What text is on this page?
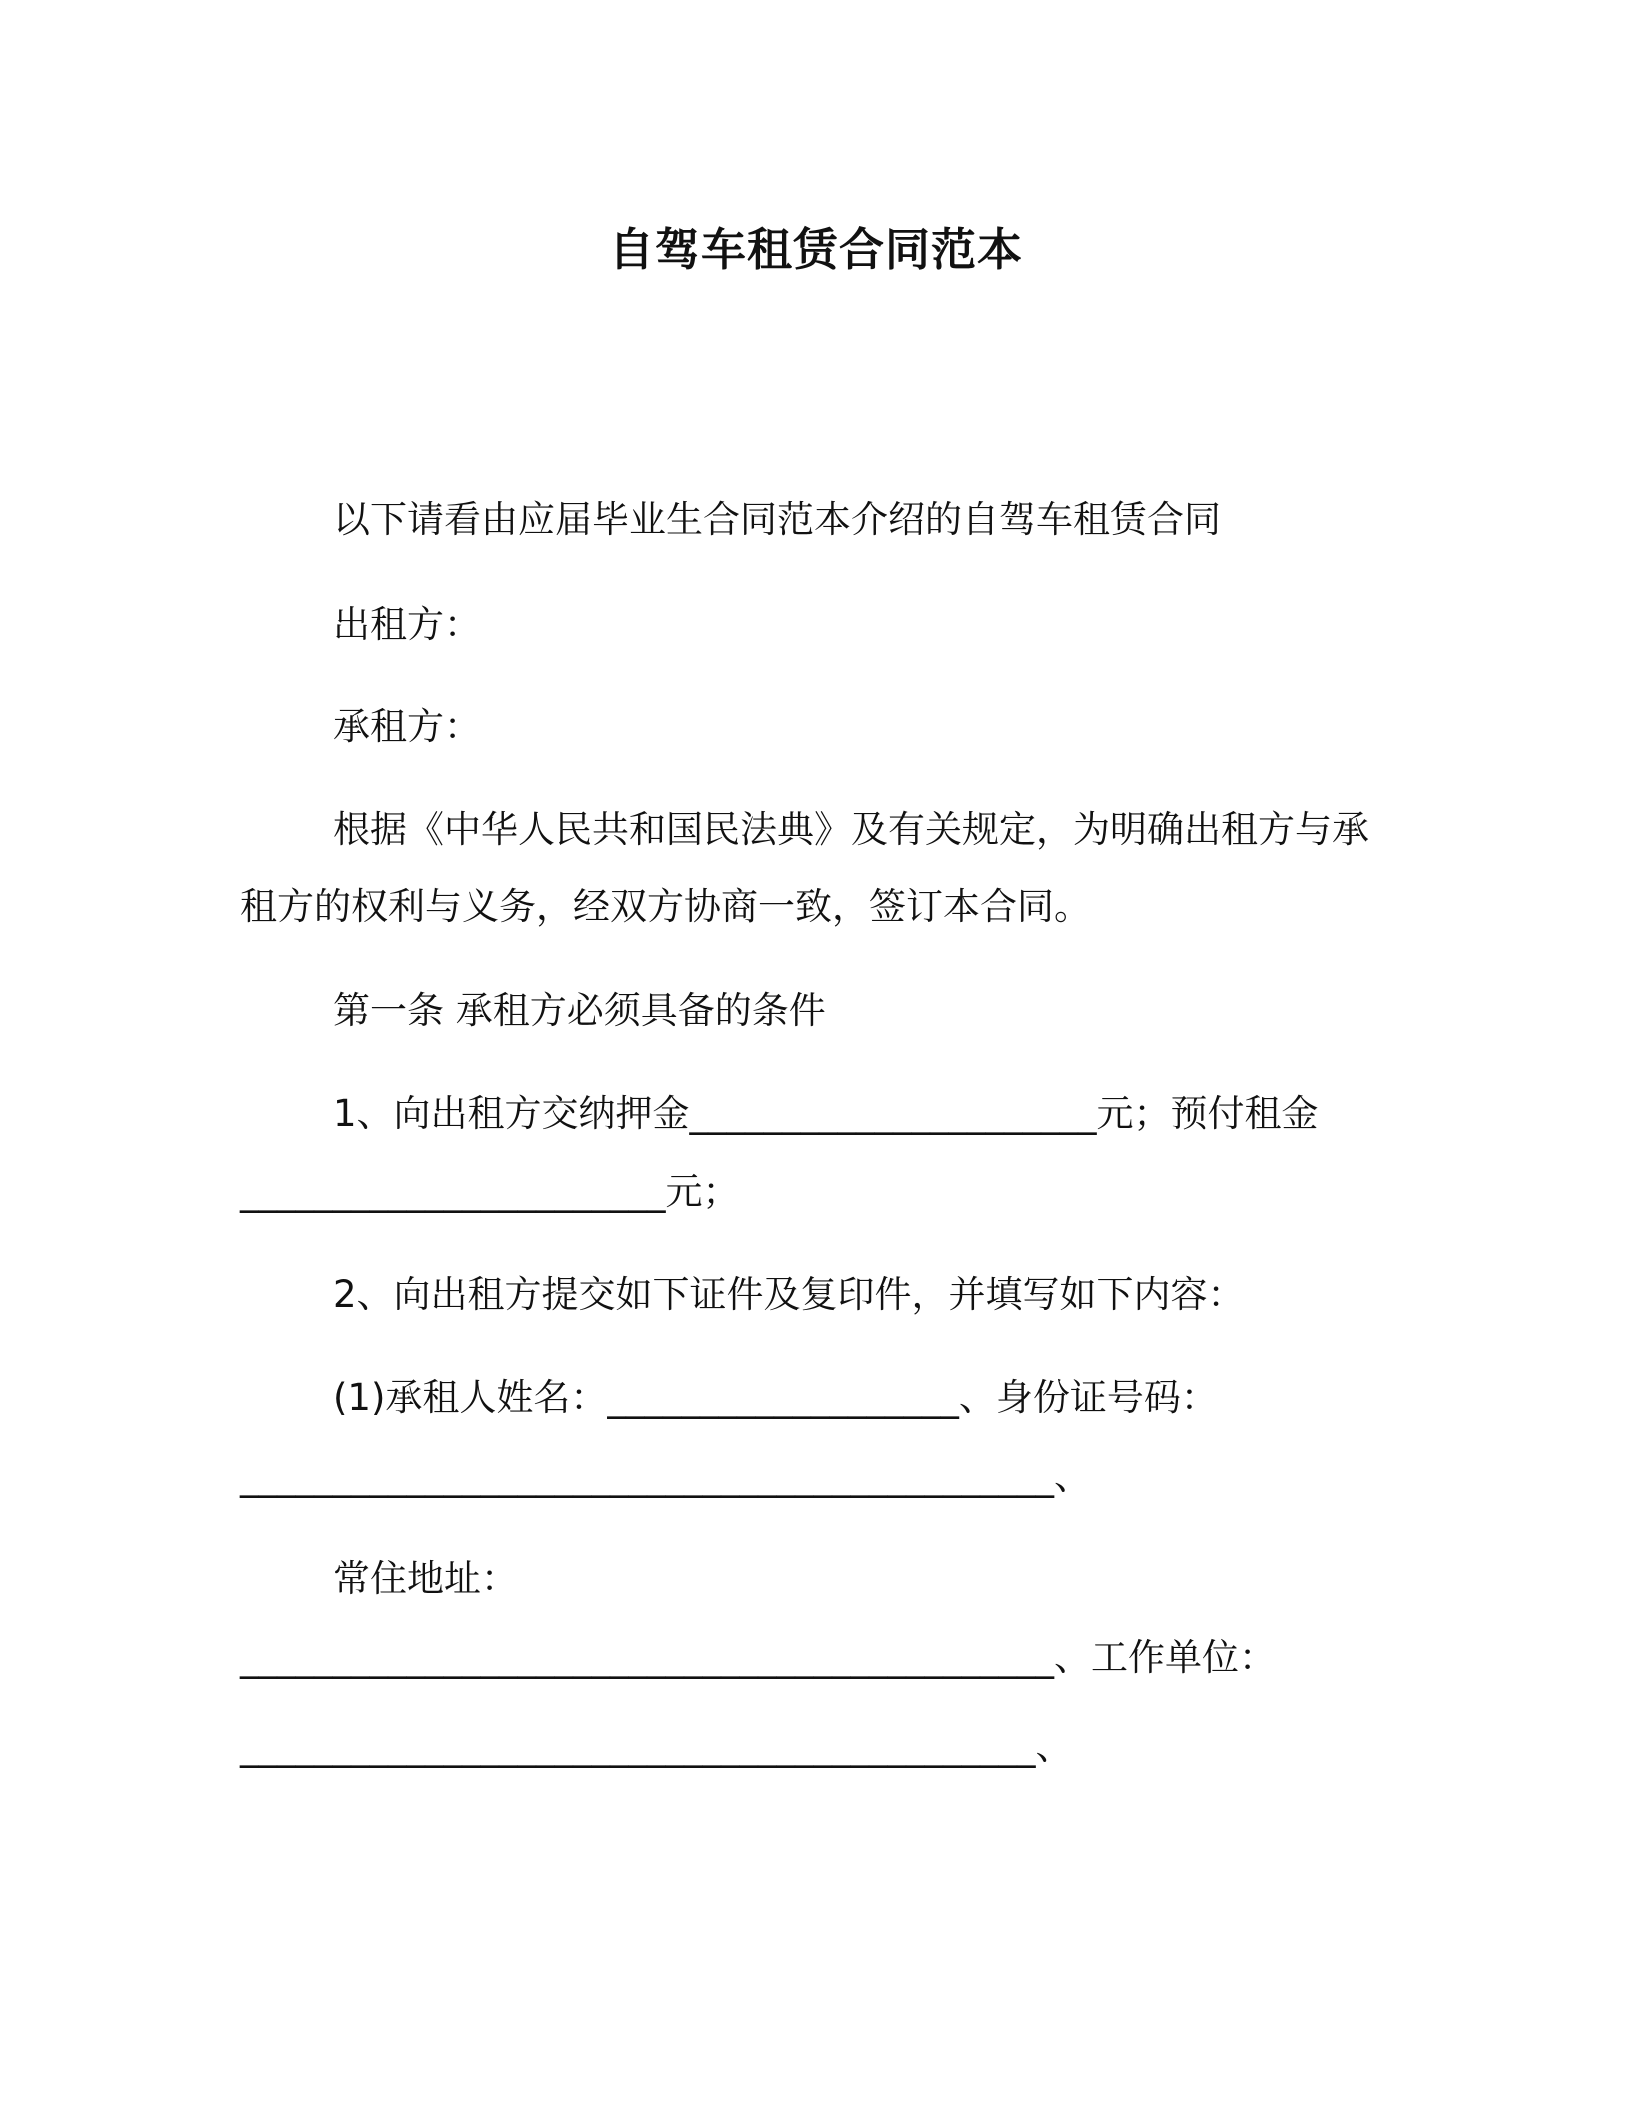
自驾车租赁合同范本
以下请看由应届毕业生合同范本介绍的自驾车租赁合同
出租方：
承租方：
根据《中华人民共和国民法典》及有关规定，为明确出租方与承
租方的权利与义务，经双方协商一致，签订本合同。
第一条 承租方必须具备的条件
1、向出租方交纳押金______________________元；预付租金
_______________________元；
2、向出租方提交如下证件及复印件，并填写如下内容：
(1)承租人姓名：___________________、身份证号码：
____________________________________________、
常住地址：
____________________________________________、工作单位：
___________________________________________、
